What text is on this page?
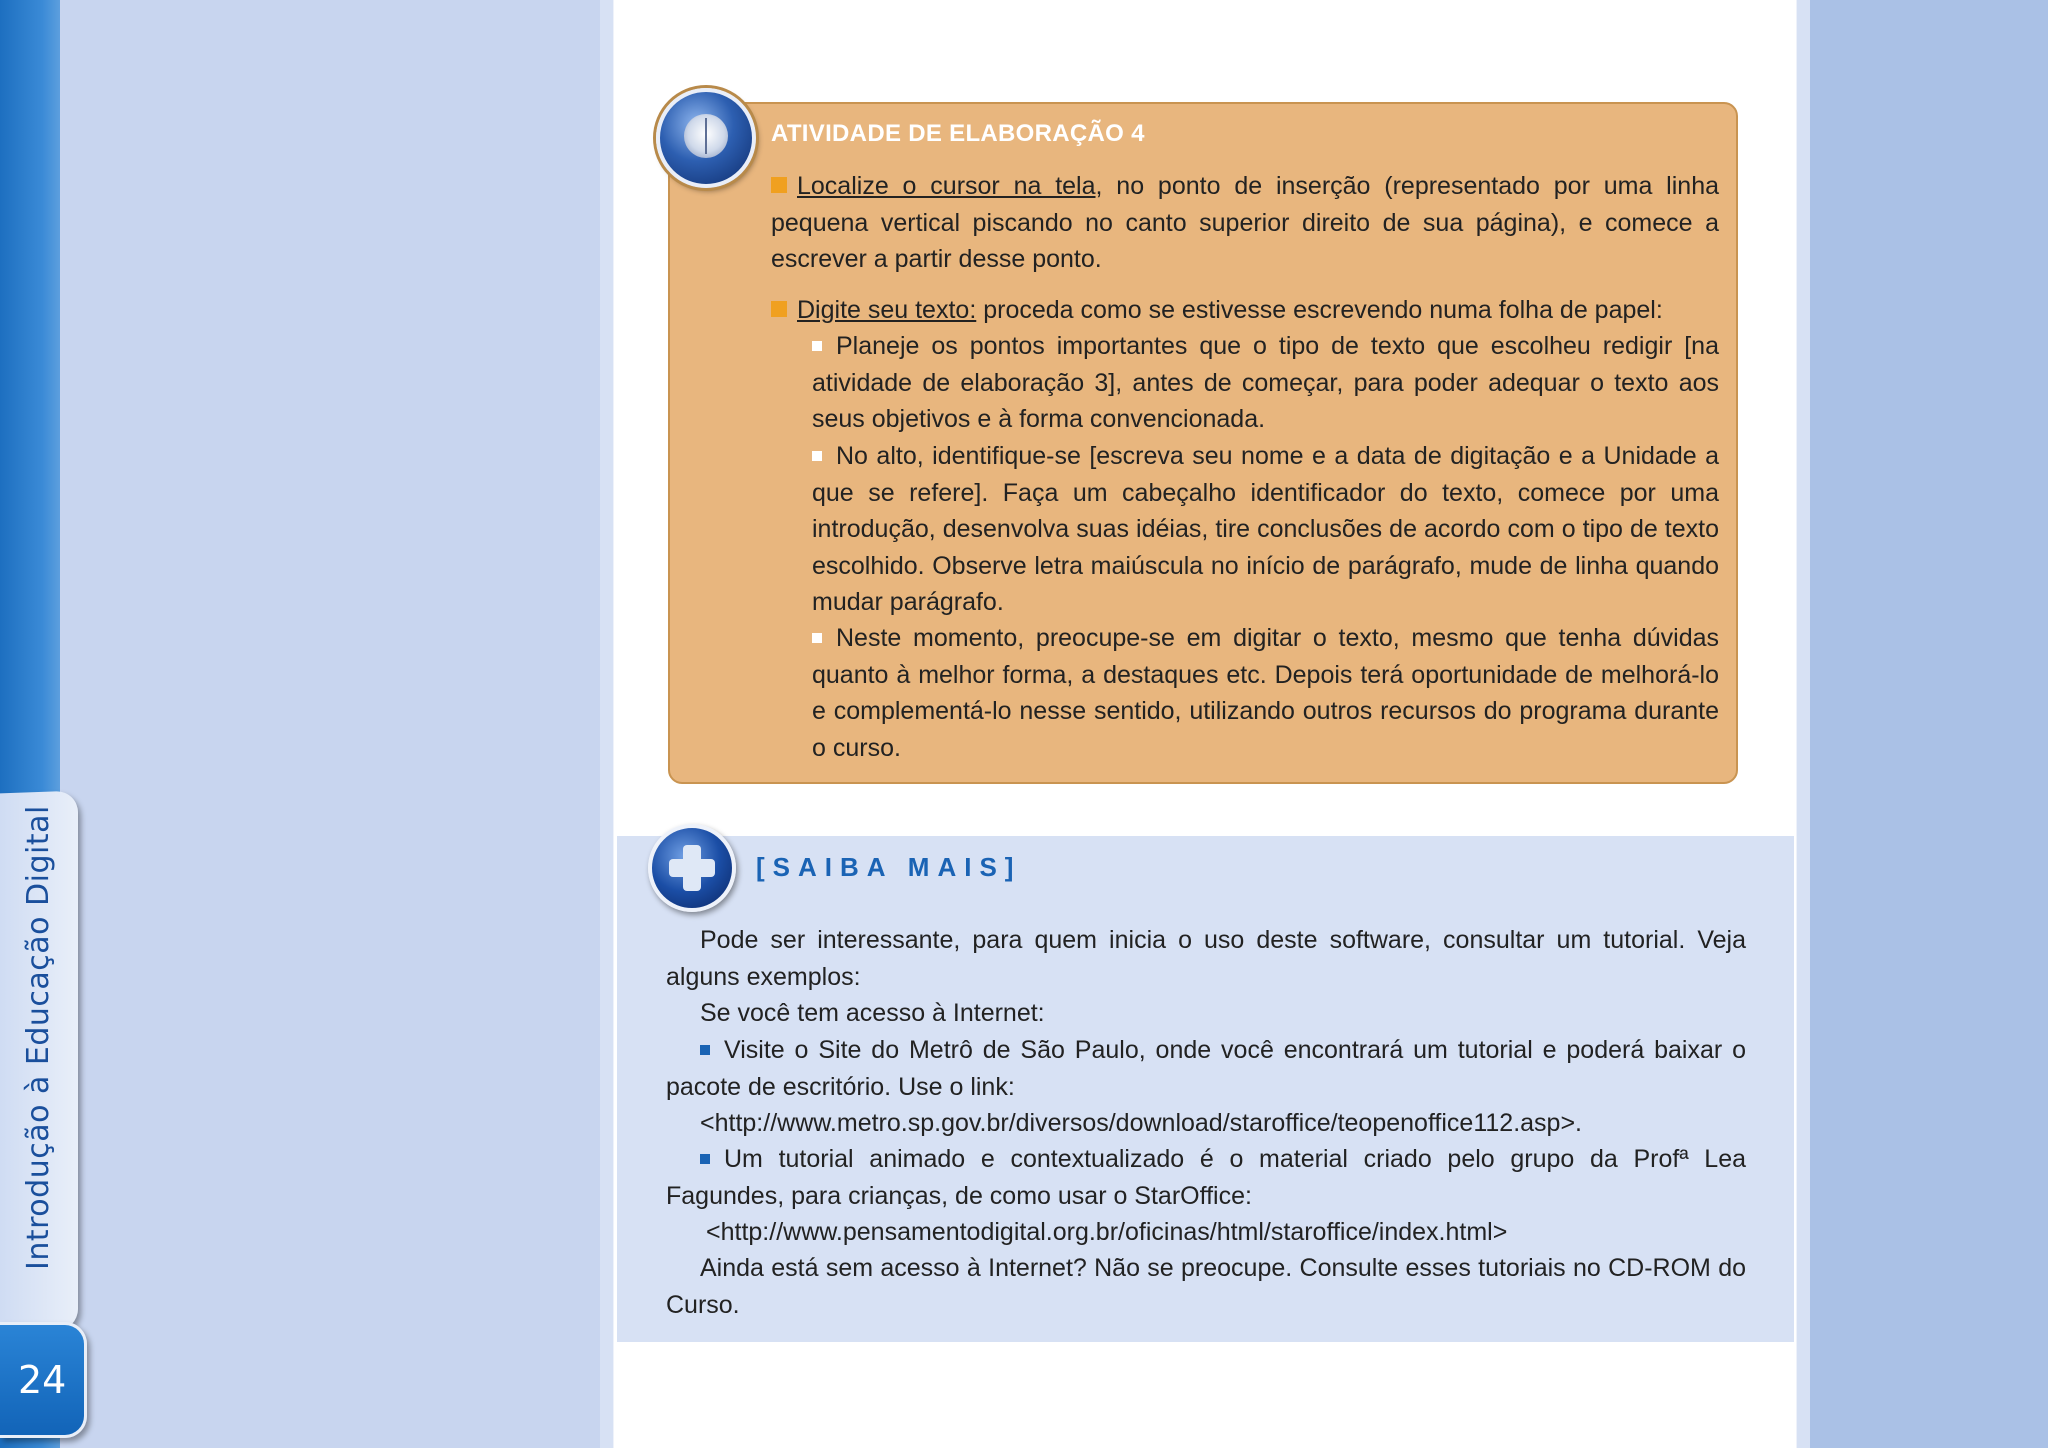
Introdução à Educação Digital
24
ATIVIDADE DE ELABORAÇÃO 4
Localize o cursor na tela, no ponto de inserção (representado por uma linha pequena vertical piscando no canto superior direito de sua página), e comece a escrever a partir desse ponto.
Digite seu texto: proceda como se estivesse escrevendo numa folha de papel:
Planeje os pontos importantes que o tipo de texto que escolheu redigir [na atividade de elaboração 3], antes de começar, para poder adequar o texto aos seus objetivos e à forma convencionada.
No alto, identifique-se [escreva seu nome e a data de digitação e a Unidade a que se refere]. Faça um cabeçalho identificador do texto, comece por uma introdução, desenvolva suas idéias, tire conclusões de acordo com o tipo de texto escolhido. Observe letra maiúscula no início de parágrafo, mude de linha quando mudar parágrafo.
Neste momento, preocupe-se em digitar o texto, mesmo que tenha dúvidas quanto à melhor forma, a destaques etc. Depois terá oportunidade de melhorá-lo e complementá-lo nesse sentido, utilizando outros recursos do programa durante o curso.
[SAIBA MAIS]
Pode ser interessante, para quem inicia o uso deste software, consultar um tutorial. Veja alguns exemplos:
Se você tem acesso à Internet:
Visite o Site do Metrô de São Paulo, onde você encontrará um tutorial e poderá baixar o pacote de escritório. Use o link:
<http://www.metro.sp.gov.br/diversos/download/staroffice/teopenoffice112.asp>.
Um tutorial animado e contextualizado é o material criado pelo grupo da Profª Lea Fagundes, para crianças, de como usar o StarOffice:
<http://www.pensamentodigital.org.br/oficinas/html/staroffice/index.html>
Ainda está sem acesso à Internet? Não se preocupe. Consulte esses tutoriais no CD-ROM do Curso.
